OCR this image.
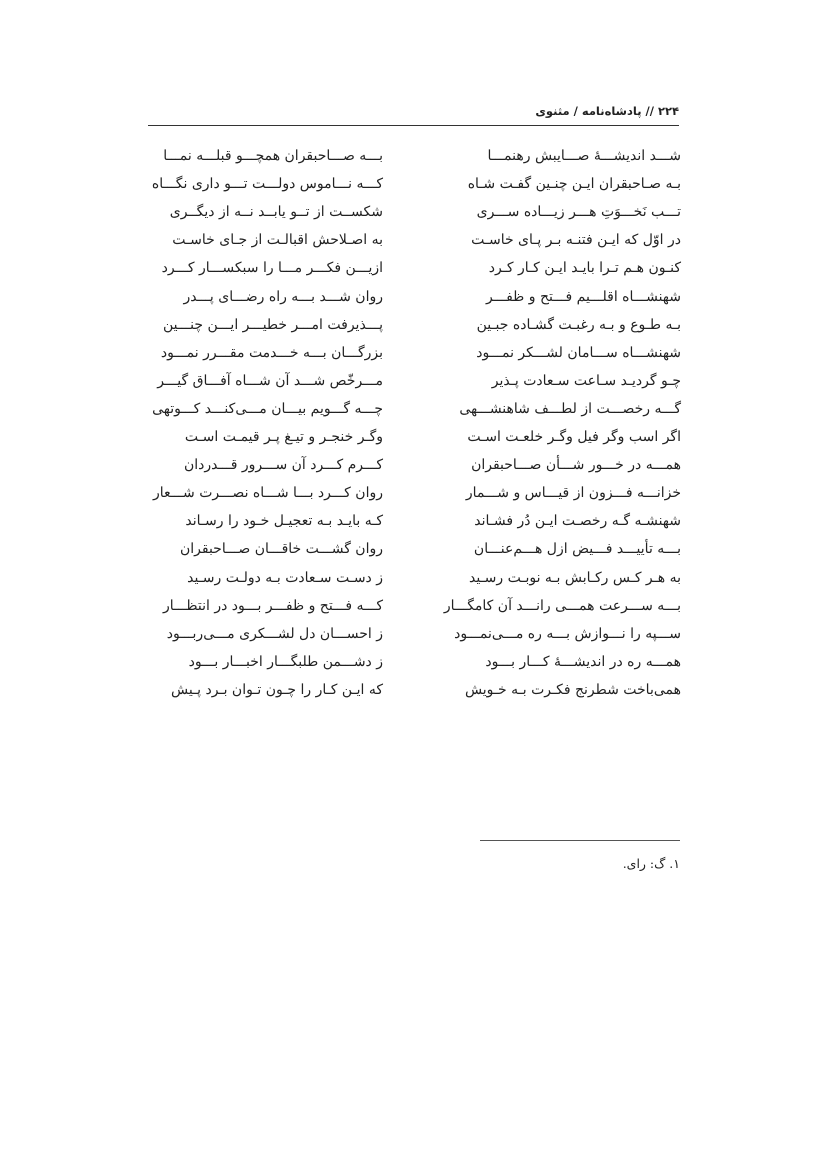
۲۲۴ // پادشاه‌نامه / مثنوی
شـــد اندیشـــهٔ صـــایبش رهنمـــا
بـــه صـــاحبقران همچـــو قبلـــه نمـــا
بـه صـاحبقران ایـن چنـین گفـت شـاه
کـــه نـــاموس دولـــت تـــو داری نگـــاه
تـــب نَخـــوَتِ هـــر زیـــاده ســـری
شکســت از تــو یابــد نــه از دیگــری
در اوّل که ایـن فتنـه بـر پـای خاسـت
به اصـلاحش اقبالـت از جـای خاسـت
کنـون هـم تـرا بایـد ایـن کـار کـرد
ازیـــن فکـــر مـــا را سبکســـار کـــرد
شهنشـــاه اقلـــیم فـــتح و ظفـــر
روان شـــد بـــه راه رضـــای پـــدر
بـه طـوع و بـه رغبـت گشـاده جبـین
پـــذیرفت امـــر خطیـــر ایـــن چنـــین
شهنشـــاه ســـامان لشـــکر نمـــود
بزرگـــان بـــه خـــدمت مقـــرر نمـــود
چـو گردیـد سـاعت سـعادت پـذیر
مـــرخّص شـــد آن شـــاه آفـــاق گیـــر
گـــه رخصـــت از لطـــف شاهنشـــهی
چـــه گـــویم بیـــان مـــی‌کنـــد کـــوتهی
اگر اسب وگر فیل وگـر خلعـت اسـت
وگـر خنجـر و تیـغ پـر قیمـت اسـت
همـــه در خـــور شـــأن صـــاحبقران
کـــرم کـــرد آن ســـرور قـــدردان
خزانـــه فـــزون از قیـــاس و شـــمار
روان کـــرد بـــا شـــاه نصـــرت شـــعار
شهنشـه گـه رخصـت ایـن دُر فشـاند
کـه بایـد بـه تعجیـل خـود را رسـاند
بـــه تأییـــد فـــیض ازل هـــم‌عنـــان
روان گشـــت خاقـــان صـــاحبقران
به هـر کـس رکـابش بـه نوبـت رسـید
ز دسـت سـعادت بـه دولـت رسـید
بـــه ســـرعت همـــی رانـــد آن کامگـــار
کـــه فـــتح و ظفـــر بـــود در انتظـــار
ســـپه را نـــوازش بـــه ره مـــی‌نمـــود
ز احســـان دل لشـــکری مـــی‌ربـــود
همـــه ره در اندیشـــهٔ کـــار بـــود
ز دشـــمن طلبگـــار اخبـــار بـــود
همی‌باخت شطرنج فکـرت بـه خـویش
که ایـن کـار را چـون تـوان بـرد پـیش
۱. گ: رای.
